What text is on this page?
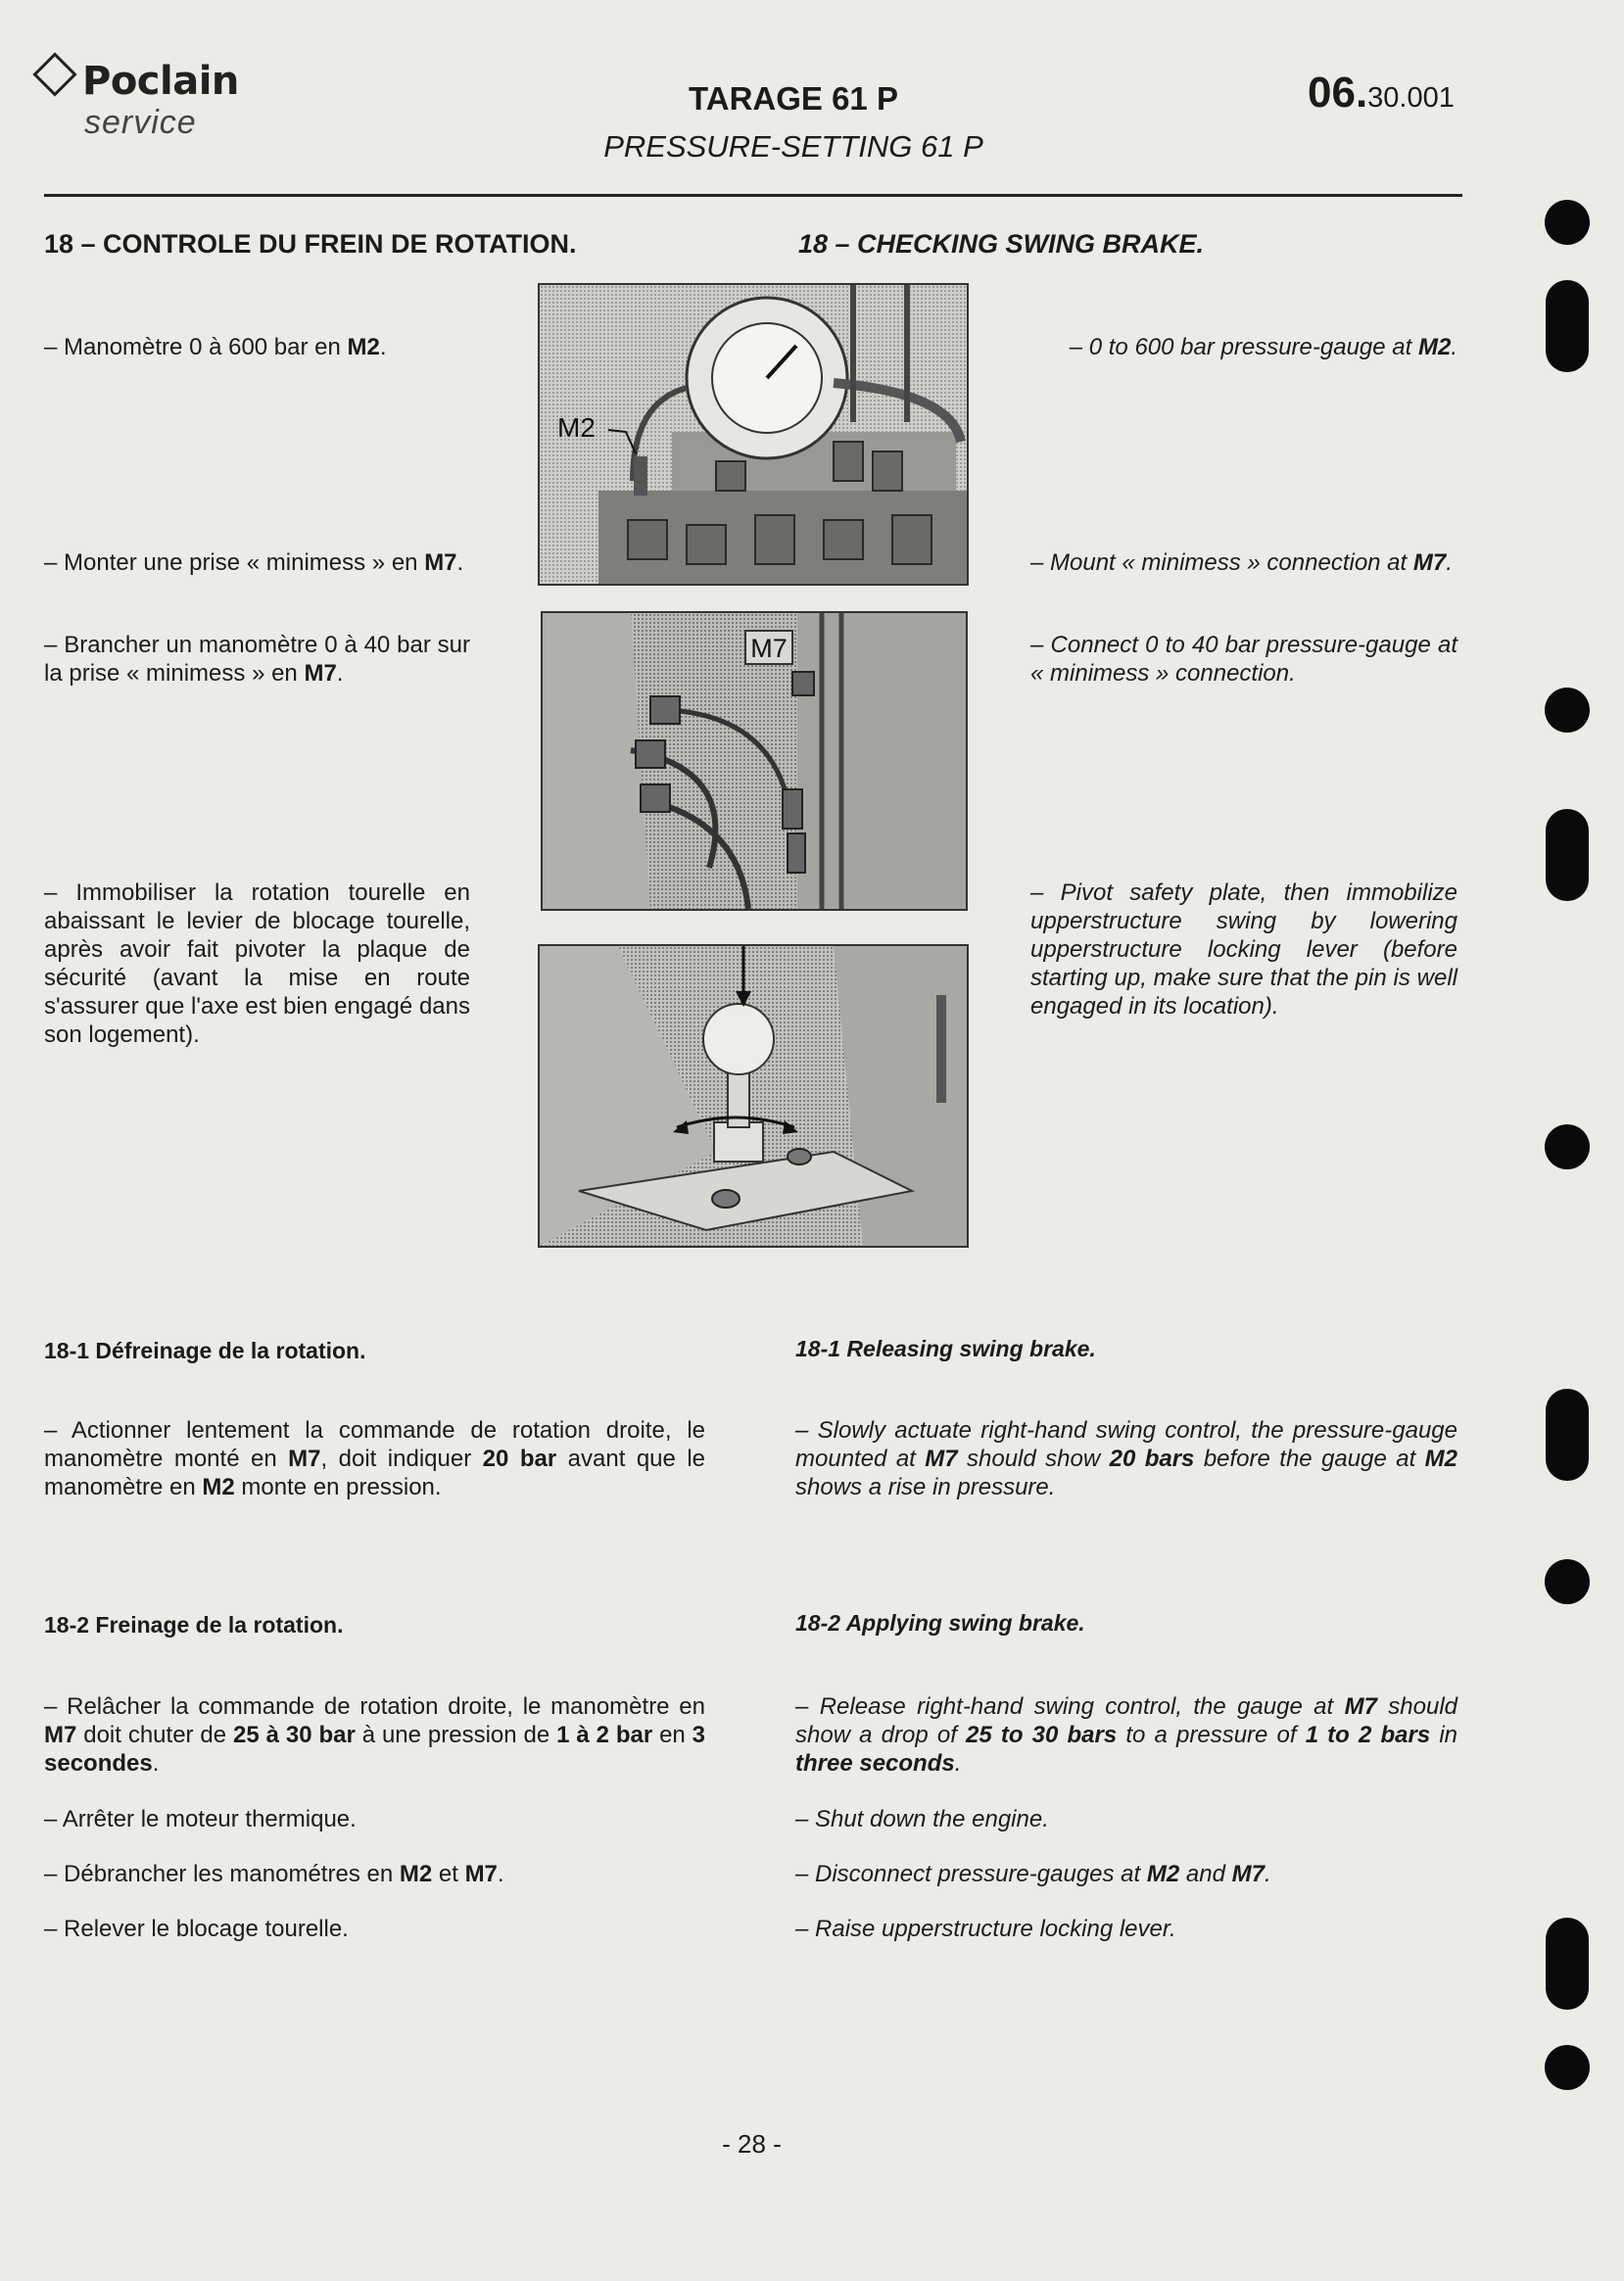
Poclain
service
TARAGE 61 P
PRESSURE-SETTING 61 P
06.30.001
18 – CONTROLE DU FREIN DE ROTATION.	18 – CHECKING SWING BRAKE.
– Manomètre 0 à 600 bar en M2.
– Monter une prise « minimess » en M7.
– Brancher un manomètre 0 à 40 bar sur la prise « minimess » en M7.
– Immobiliser la rotation tourelle en abaissant le levier de blocage tourelle, après avoir fait pivoter la plaque de sécurité (avant la mise en route s'assurer que l'axe est bien engagé dans son logement).
– 0 to 600 bar pressure-gauge at M2.
– Mount « minimess » connection at M7.
– Connect 0 to 40 bar pressure-gauge at « minimess » connection.
– Pivot safety plate, then immobilize upperstructure swing by lowering upperstructure locking lever (before starting up, make sure that the pin is well engaged in its location).
M2
M7
18-1 Défreinage de la rotation.	18-1 Releasing swing brake.
– Actionner lentement la commande de rotation droite, le manomètre monté en M7, doit indiquer 20 bar avant que le manomètre en M2 monte en pression.
– Slowly actuate right-hand swing control, the pressure-gauge mounted at M7 should show 20 bars before the gauge at M2 shows a rise in pressure.
18-2 Freinage de la rotation.	18-2 Applying swing brake.
– Relâcher la commande de rotation droite, le manomètre en M7 doit chuter de 25 à 30 bar à une pression de 1 à 2 bar en 3 secondes.
– Release right-hand swing control, the gauge at M7 should show a drop of 25 to 30 bars to a pressure of 1 to 2 bars in three seconds.
– Arrêter le moteur thermique.	– Shut down the engine.
– Débrancher les manométres en M2 et M7.	– Disconnect pressure-gauges at M2 and M7.
– Relever le blocage tourelle.	– Raise upperstructure locking lever.
- 28 -
